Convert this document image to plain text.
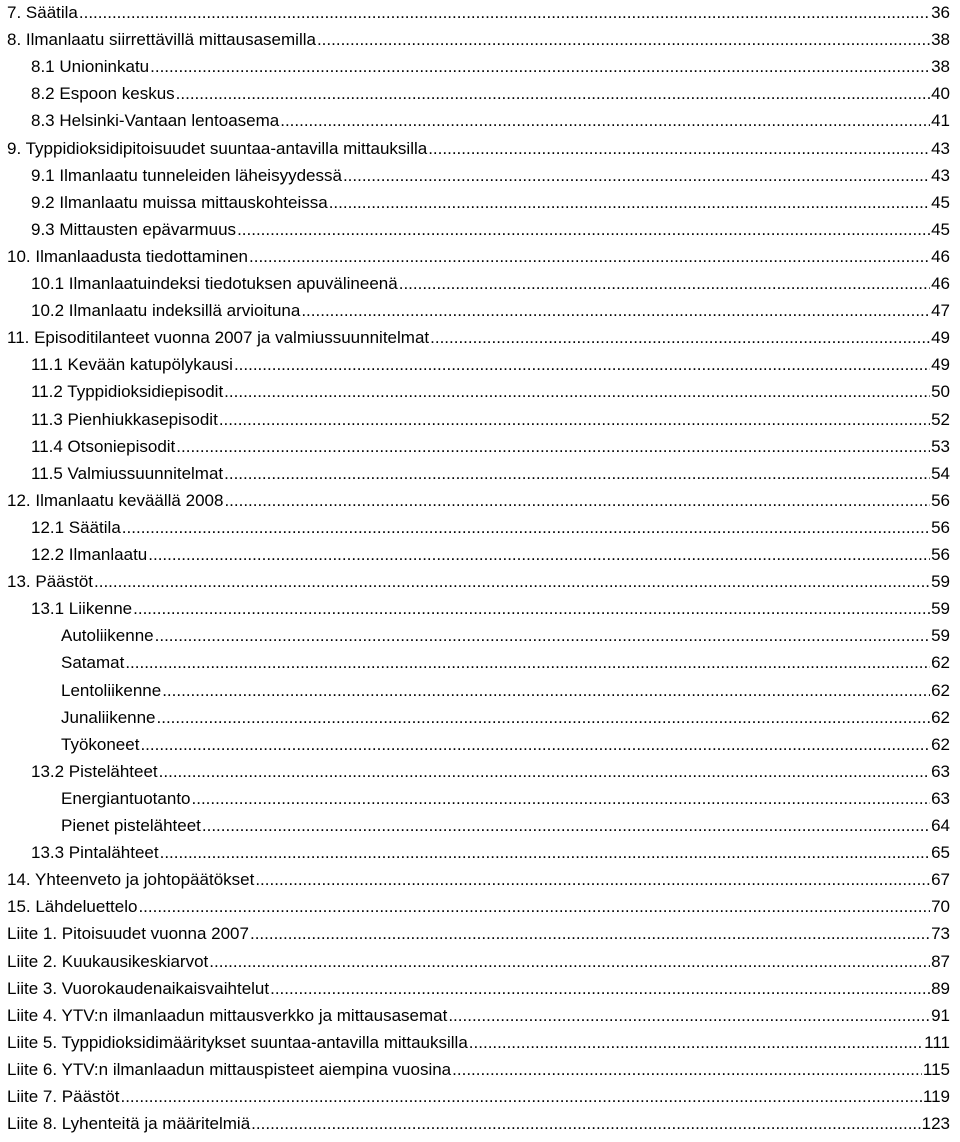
7. Säätila .....	36
8. Ilmanlaatu siirrettävillä mittausasemilla .....	38
8.1 Unioninkatu .....	38
8.2 Espoon keskus .....	40
8.3 Helsinki-Vantaan lentoasema .....	41
9. Typpidioksidipitoisuudet suuntaa-antavilla mittauksilla .....	43
9.1 Ilmanlaatu tunneleiden läheisyydessä .....	43
9.2 Ilmanlaatu muissa mittauskohteissa .....	45
9.3 Mittausten epävarmuus .....	45
10. Ilmanlaadusta tiedottaminen .....	46
10.1 Ilmanlaatuindeksi tiedotuksen apuvälineenä .....	46
10.2 Ilmanlaatu indeksillä arvioituna .....	47
11. Episoditilanteet vuonna 2007 ja valmiussuunnitelmat .....	49
11.1 Kevään katupölykausi .....	49
11.2 Typpidioksidiepisodit .....	50
11.3 Pienhiukkasepisodit .....	52
11.4 Otsoniepisodit .....	53
11.5 Valmiussuunnitelmat .....	54
12. Ilmanlaatu keväällä 2008 .....	56
12.1 Säätila .....	56
12.2 Ilmanlaatu .....	56
13. Päästöt .....	59
13.1 Liikenne .....	59
Autoliikenne .....	59
Satamat .....	62
Lentoliikenne .....	62
Junaliikenne .....	62
Työkoneet .....	62
13.2 Pistelähteet .....	63
Energiantuotanto .....	63
Pienet pistelähteet .....	64
13.3 Pintalähteet .....	65
14. Yhteenveto ja johtopäätökset .....	67
15. Lähdeluettelo .....	70
Liite 1. Pitoisuudet vuonna 2007 .....	73
Liite 2. Kuukausikeskiarvot .....	87
Liite 3. Vuorokaudenaikaisvaihtelut .....	89
Liite 4. YTV:n ilmanlaadun mittausverkko ja mittausasemat .....	91
Liite 5. Typpidioksidimääritykset suuntaa-antavilla mittauksilla .....	111
Liite 6. YTV:n ilmanlaadun mittauspisteet aiempina vuosina .....	115
Liite 7. Päästöt .....	119
Liite 8. Lyhenteitä ja määritelmiä .....	123
